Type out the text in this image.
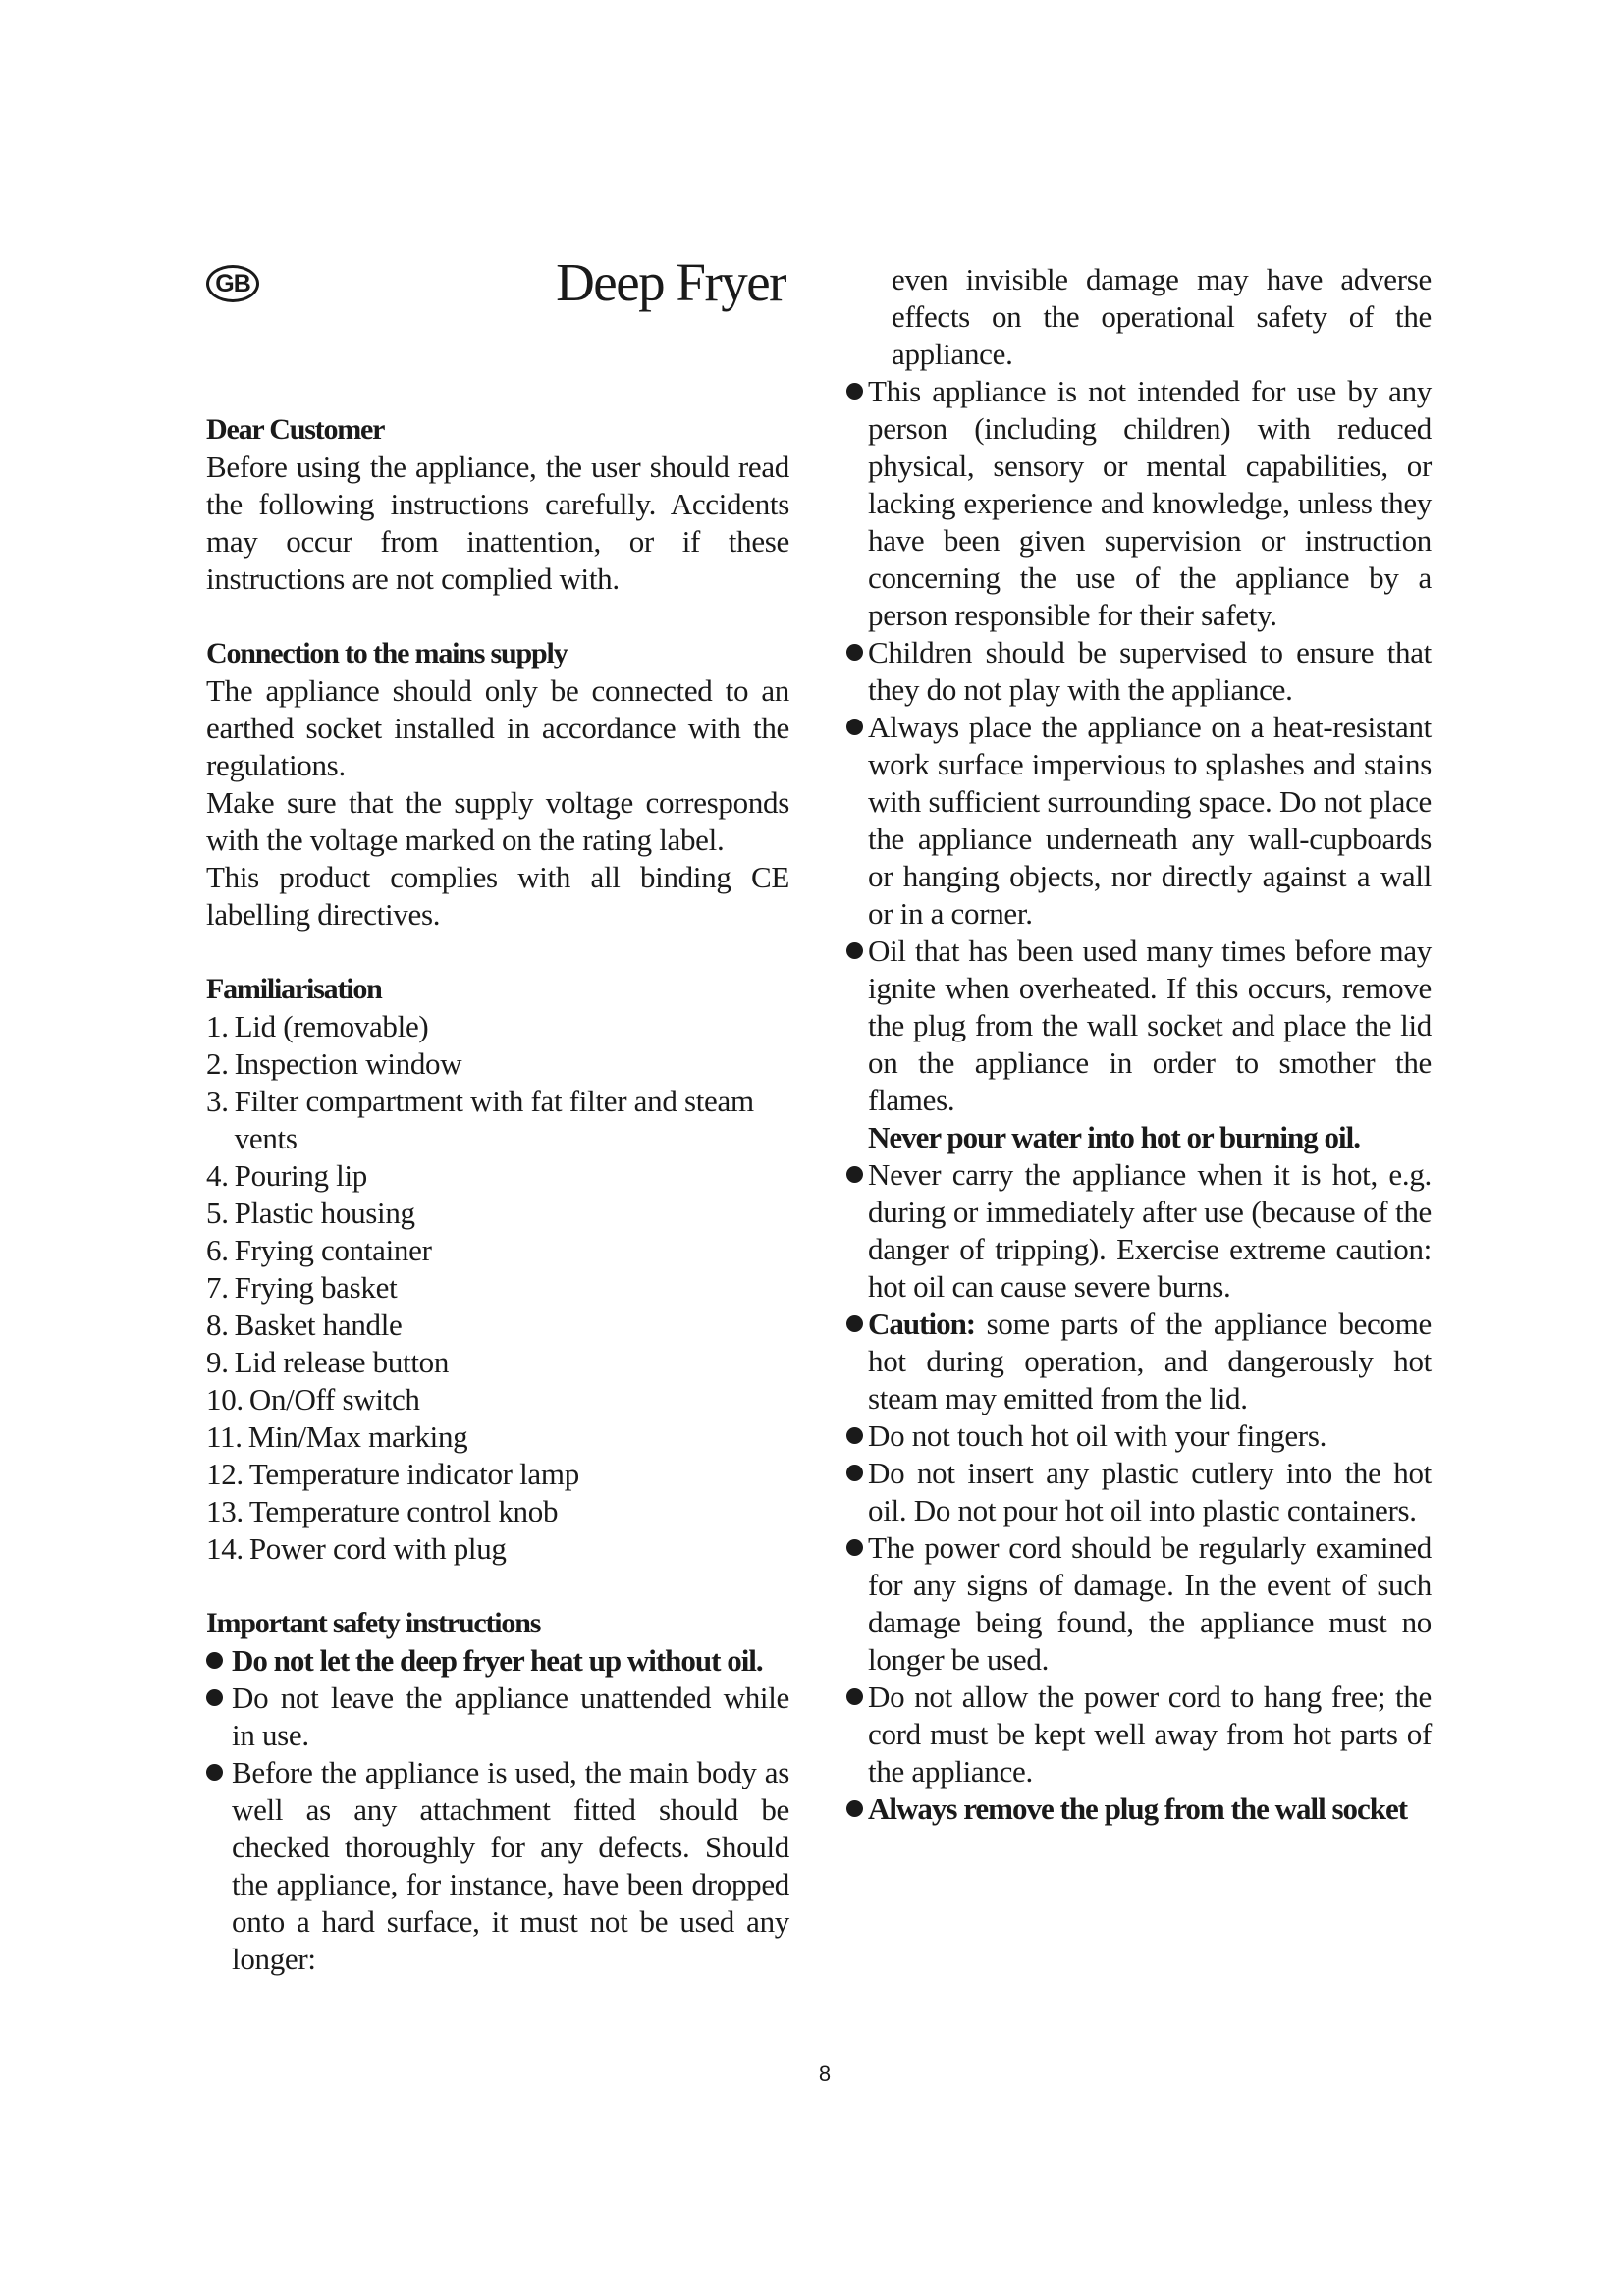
GB	Deep Fryer
Dear Customer

Before using the appliance, the user should read the following instructions carefully. Accidents may occur from inattention, or if these instructions are not complied with.

Connection to the mains supply

The appliance should only be connected to an earthed socket installed in accordance with the regulations.

Make sure that the supply voltage corresponds with the voltage marked on the rating label.

This product complies with all binding CE labelling directives.

Familiarisation
1. Lid (removable)
2. Inspection window
3. Filter compartment with fat filter and steam vents
4. Pouring lip
5. Plastic housing
6. Frying container
7. Frying basket
8. Basket handle
9. Lid release button
10. On/Off switch
11. Min/Max marking
12. Temperature indicator lamp
13. Temperature control knob
14. Power cord with plug
Important safety instructions
Do not let the deep fryer heat up without oil.
Do not leave the appliance unattended while in use.
Before the appliance is used, the main body as well as any attachment fitted should be checked thoroughly for any defects. Should the appliance, for instance, have been dropped onto a hard surface, it must not be used any longer:

even invisible damage may have adverse effects on the operational safety of the appliance.

This appliance is not intended for use by any person (including children) with reduced physical, sensory or mental capabilities, or lacking experience and knowledge, unless they have been given supervision or instruction concerning the use of the appliance by a person responsible for their safety.
Children should be supervised to ensure that they do not play with the appliance.
Always place the appliance on a heat-resistant work surface impervious to splashes and stains with sufficient surrounding space. Do not place the appliance underneath any wall-cupboards or hanging objects, nor directly against a wall or in a corner.
Oil that has been used many times before may ignite when overheated. If this occurs, remove the plug from the wall socket and place the lid on the appliance in order to smother the flames.
Never pour water into hot or burning oil.
Never carry the appliance when it is hot, e.g. during or immediately after use (because of the danger of tripping). Exercise extreme caution: hot oil can cause severe burns.
Caution: some parts of the appliance become hot during operation, and dangerously hot steam may emitted from the lid.
Do not touch hot oil with your fingers.
Do not insert any plastic cutlery into the hot oil. Do not pour hot oil into plastic containers.
The power cord should be regularly examined for any signs of damage. In the event of such damage being found, the appliance must no longer be used.
Do not allow the power cord to hang free; the cord must be kept well away from hot parts of the appliance.
Always remove the plug from the wall socket
8
